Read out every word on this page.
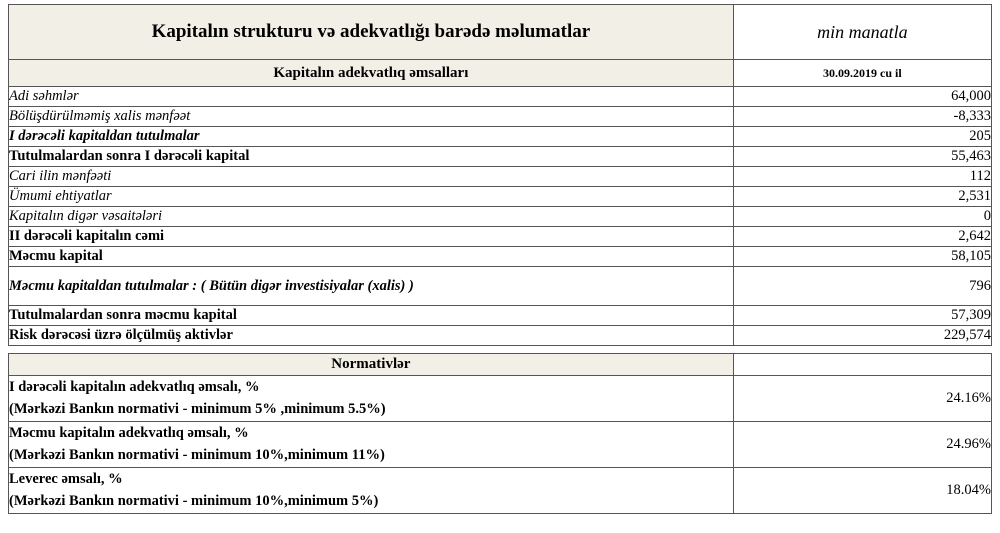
Kapitalın strukturu və adekvatlığı barədə məlumatlar	min manatla
Kapitalın adekvatlıq əmsalları	30.09.2019 cu il
Adi səhmlər	64,000
Bölüşdürülməmiş xalis mənfəət	-8,333
I dərəcəli kapitaldan tutulmalar	205
Tutulmalardan sonra I dərəcəli kapital	55,463
Cari ilin mənfəəti	112
Ümumi ehtiyatlar	2,531
Kapitalın digər vəsaitələri	0
II dərəcəli kapitalın cəmi	2,642
Məcmu kapital	58,105
Məcmu kapitaldan tutulmalar : ( Bütün digər investisiyalar (xalis) )	796
Tutulmalardan sonra məcmu kapital	57,309
Risk dərəcəsi üzrə ölçülmüş aktivlər	229,574
Normativlər	

I dərəcəli kapitalın adekvatlıq əmsalı, %
(Mərkəzi Bankın normativi - minimum 5% ,minimum 5.5%)	24.16%

Məcmu kapitalın adekvatlıq əmsalı, %
(Mərkəzi Bankın normativi - minimum 10%,minimum 11%)	24.96%

Leverec əmsalı, %
(Mərkəzi Bankın normativi - minimum 10%,minimum 5%)	18.04%
